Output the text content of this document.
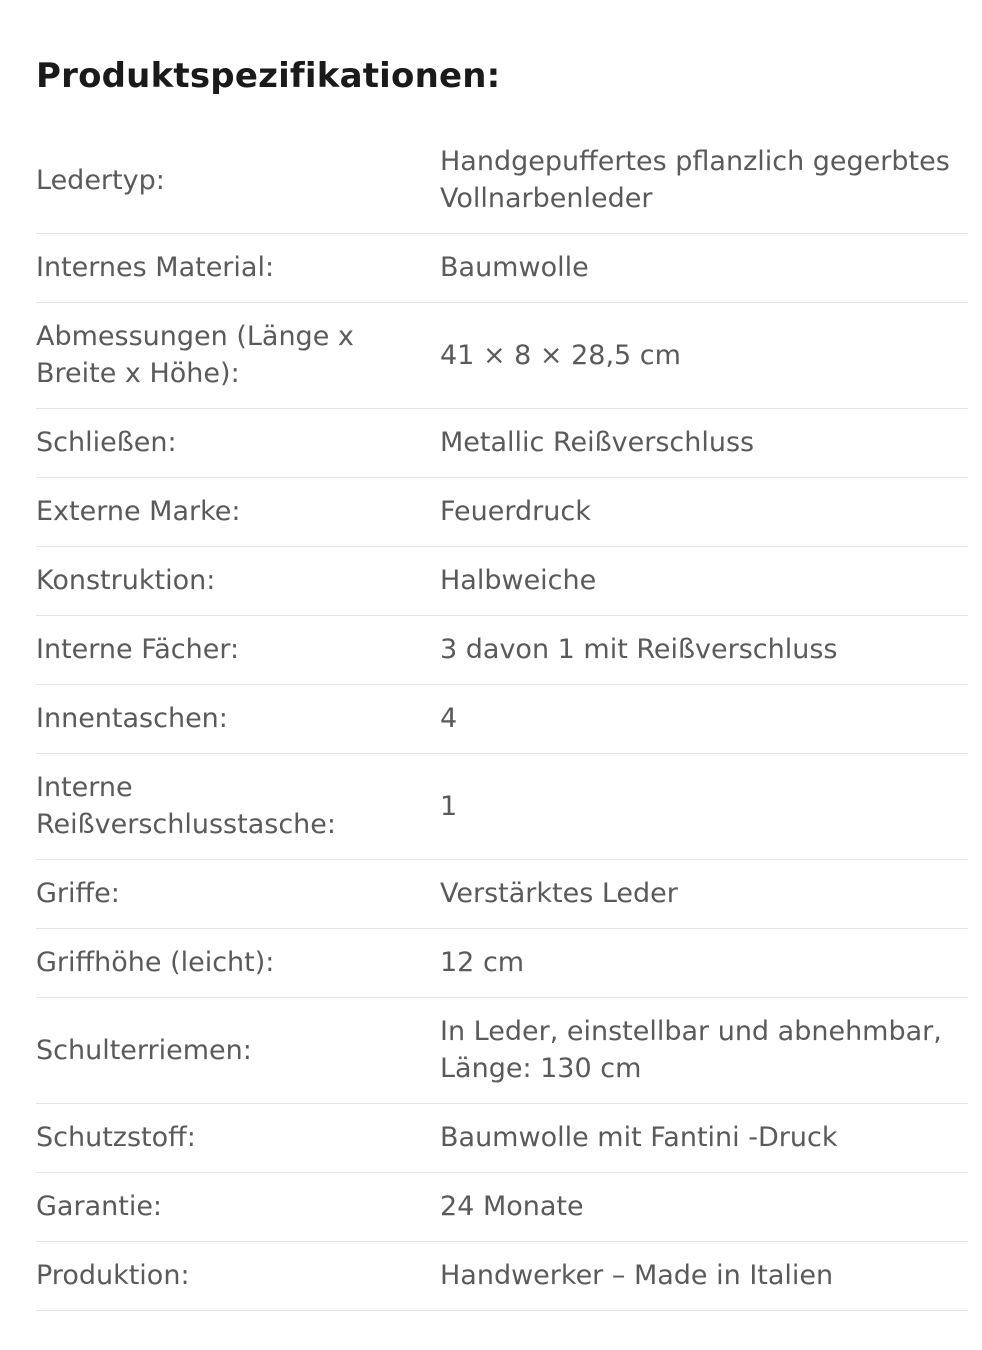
Produktspezifikationen:
Ledertyp:	Handgepuffertes pflanzlich gegerbtes Vollnarbenleder
Internes Material:	Baumwolle
Abmessungen (Länge x Breite x Höhe):	41 × 8 × 28,5 cm
Schließen:	Metallic Reißverschluss
Externe Marke:	Feuerdruck
Konstruktion:	Halbweiche
Interne Fächer:	3 davon 1 mit Reißverschluss
Innentaschen:	4
Interne Reißverschlusstasche:	1
Griffe:	Verstärktes Leder
Griffhöhe (leicht):	12 cm
Schulterriemen:	In Leder, einstellbar und abnehmbar, Länge: 130 cm
Schutzstoff:	Baumwolle mit Fantini -Druck
Garantie:	24 Monate
Produktion:	Handwerker – Made in Italien
